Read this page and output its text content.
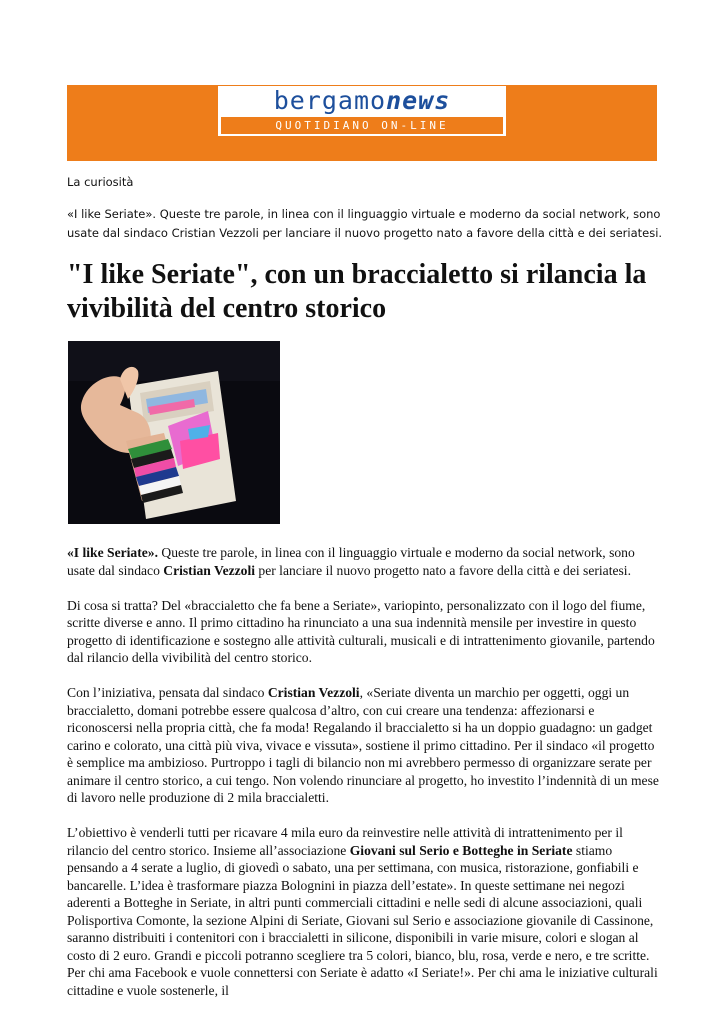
bergamonews
QUOTIDIANO ON-LINE
La curiosità
«I like Seriate». Queste tre parole, in linea con il linguaggio virtuale e moderno da social network, sono usate dal sindaco Cristian Vezzoli per lanciare il nuovo progetto nato a favore della città e dei seriatesi.
"I like Seriate", con un braccialetto si rilancia la vivibilità del centro storico

«I like Seriate». Queste tre parole, in linea con il linguaggio virtuale e moderno da social network, sono usate dal sindaco Cristian Vezzoli per lanciare il nuovo progetto nato a favore della città e dei seriatesi.

Di cosa si tratta? Del «braccialetto che fa bene a Seriate», variopinto, personalizzato con il logo del fiume, scritte diverse e anno. Il primo cittadino ha rinunciato a una sua indennità mensile per investire in questo progetto di identificazione e sostegno alle attività culturali, musicali e di intrattenimento giovanile, partendo dal rilancio della vivibilità del centro storico.

Con l’iniziativa, pensata dal sindaco Cristian Vezzoli, «Seriate diventa un marchio per oggetti, oggi un braccialetto, domani potrebbe essere qualcosa d’altro, con cui creare una tendenza: affezionarsi e riconoscersi nella propria città, che fa moda! Regalando il braccialetto si ha un doppio guadagno: un gadget carino e colorato, una città più viva, vivace e vissuta», sostiene il primo cittadino. Per il sindaco «il progetto è semplice ma ambizioso. Purtroppo i tagli di bilancio non mi avrebbero permesso di organizzare serate per animare il centro storico, a cui tengo. Non volendo rinunciare al progetto, ho investito l’indennità di un mese di lavoro nelle produzione di 2 mila braccialetti.

L’obiettivo è venderli tutti per ricavare 4 mila euro da reinvestire nelle attività di intrattenimento per il rilancio del centro storico. Insieme all’associazione Giovani sul Serio e Botteghe in Seriate stiamo pensando a 4 serate a luglio, di giovedì o sabato, una per settimana, con musica, ristorazione, gonfiabili e bancarelle. L’idea è trasformare piazza Bolognini in piazza dell’estate». In queste settimane nei negozi aderenti a Botteghe in Seriate, in altri punti commerciali cittadini e nelle sedi di alcune associazioni, quali Polisportiva Comonte, la sezione Alpini di Seriate, Giovani sul Serio e associazione giovanile di Cassinone, saranno distribuiti i contenitori con i braccialetti in silicone, disponibili in varie misure, colori e slogan al costo di 2 euro. Grandi e piccoli potranno scegliere tra 5 colori, bianco, blu, rosa, verde e nero, e tre scritte. Per chi ama Facebook e vuole connettersi con Seriate è adatto «I Seriate!». Per chi ama le iniziative culturali cittadine e vuole sostenerle, il
